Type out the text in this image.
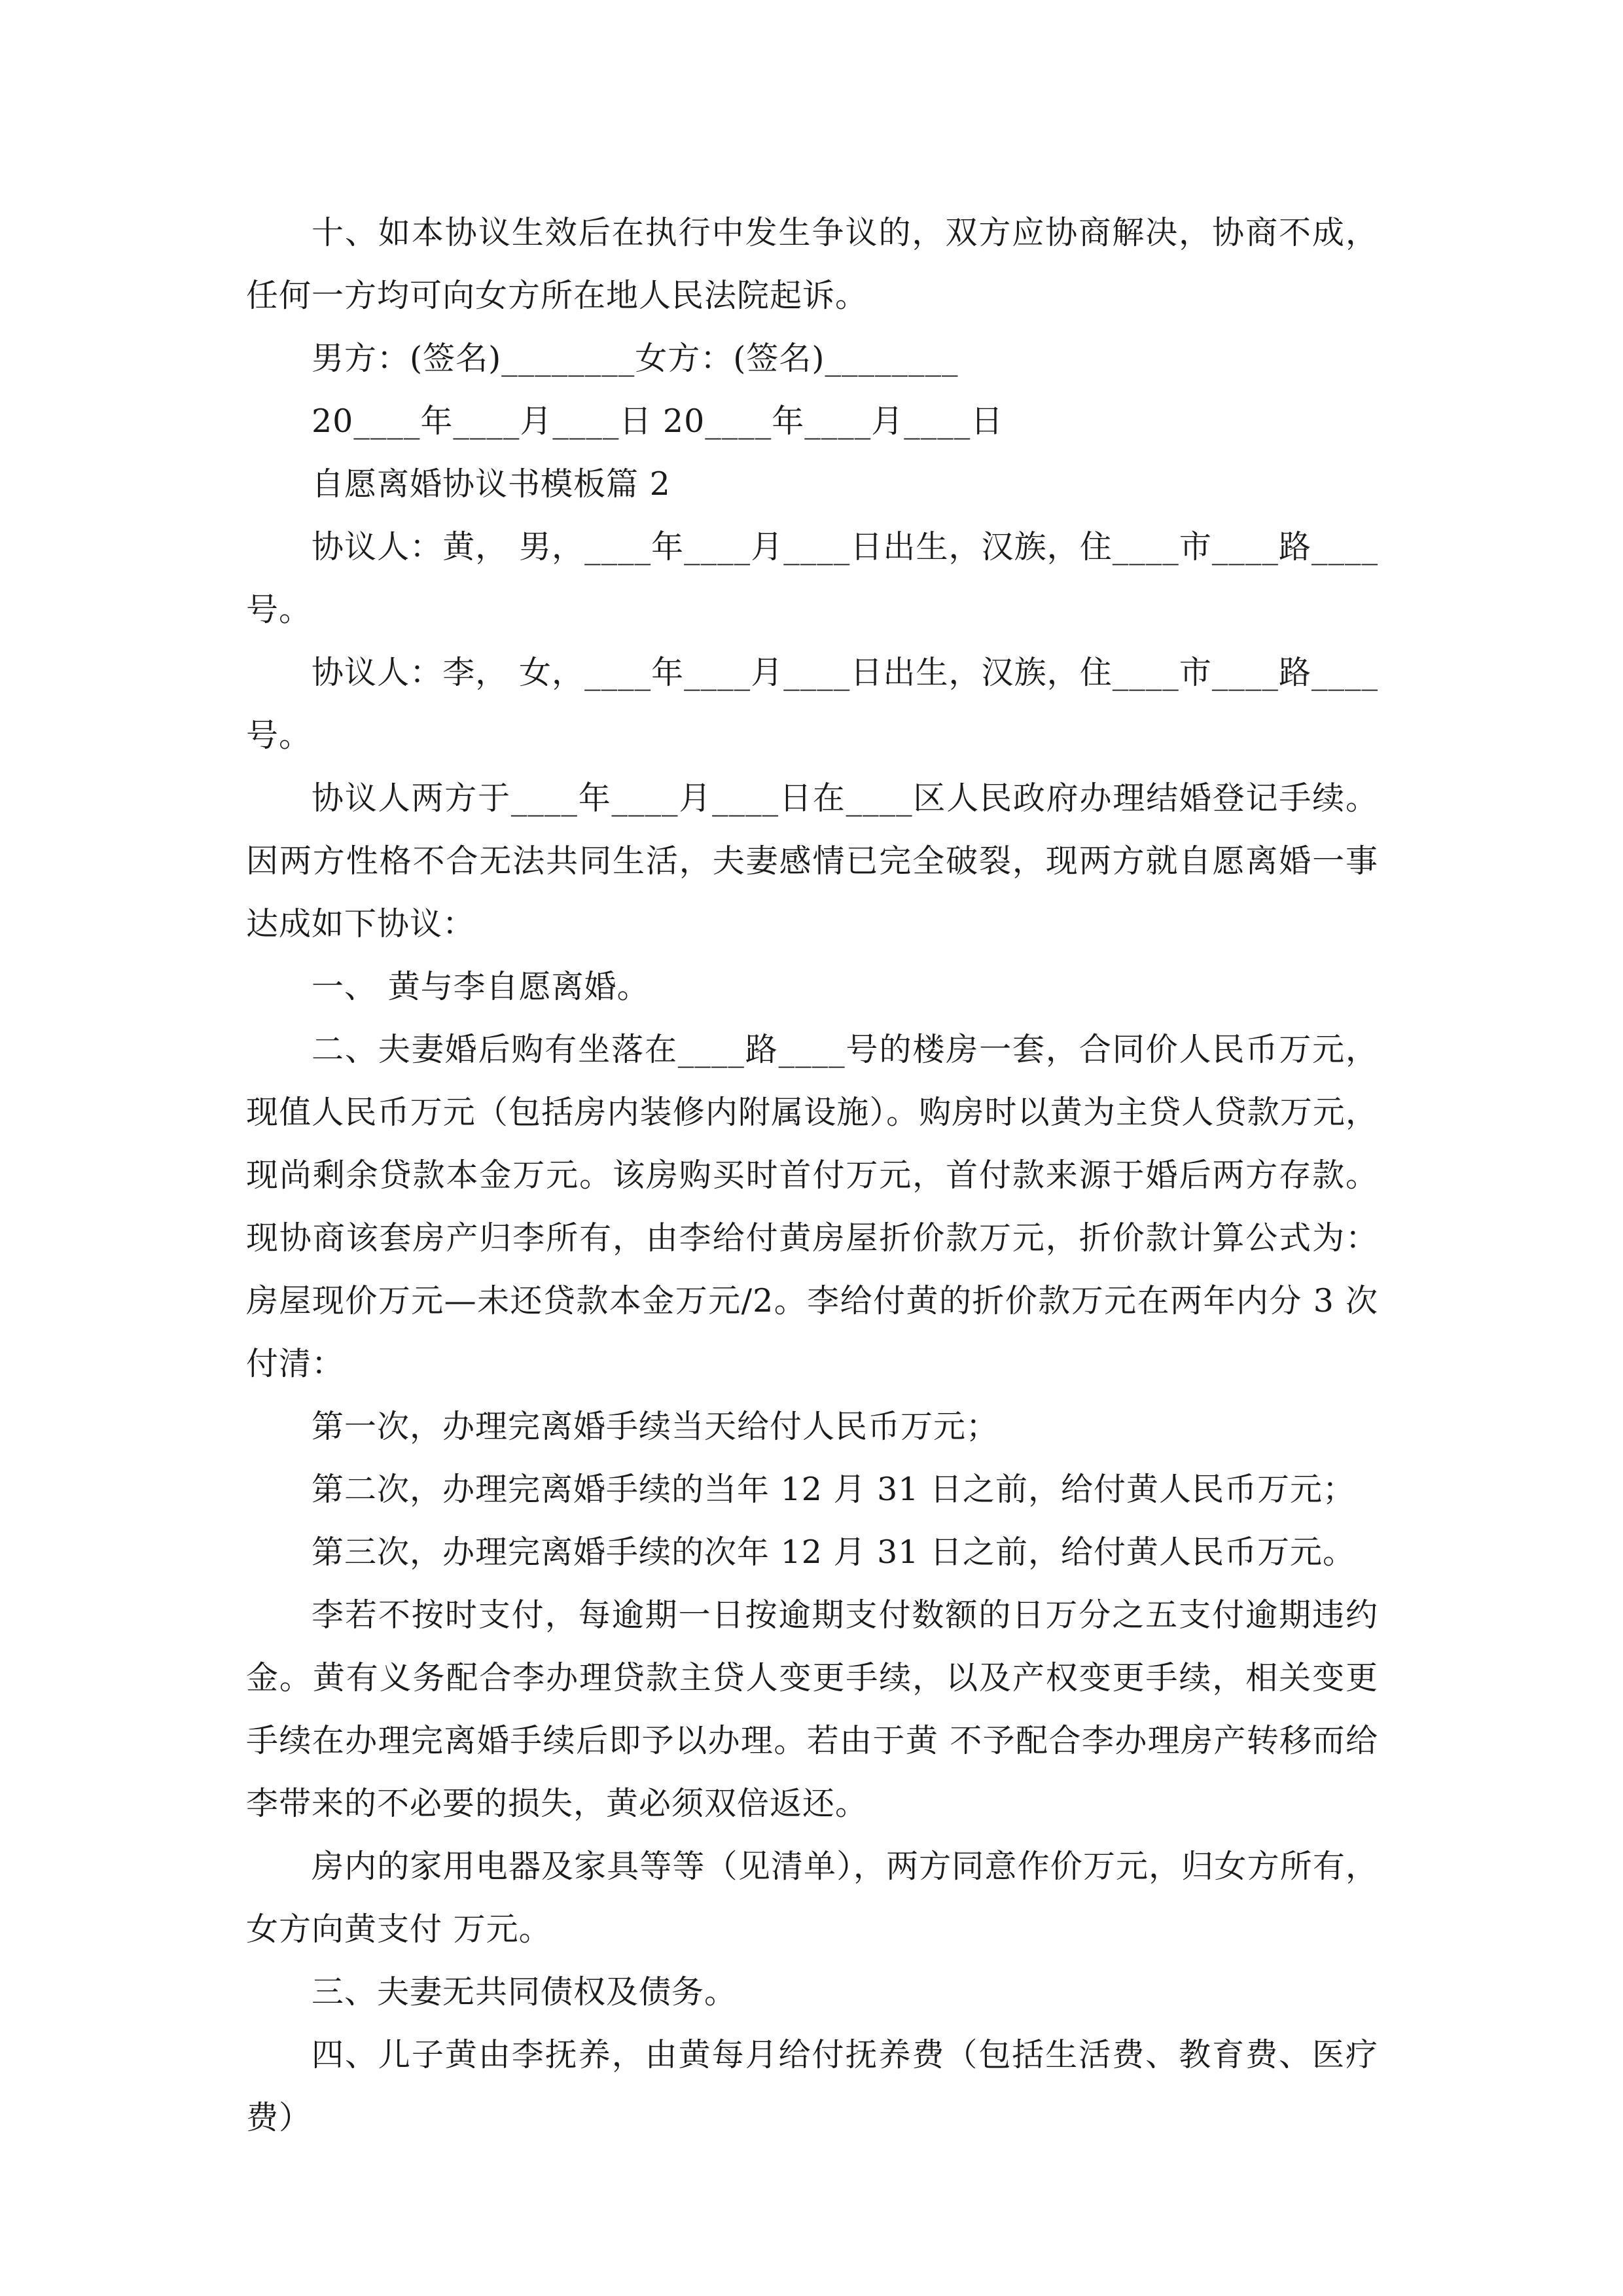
十、如本协议生效后在执行中发生争议的，双方应协商解决，协商不成，任何一方均可向女方所在地人民法院起诉。

男方：(签名)________女方：(签名)________

20____年____月____日 20____年____月____日

自愿离婚协议书模板篇 2

协议人：黄， 男，____年____月____日出生，汉族，住____市____路____号。

协议人：李， 女，____年____月____日出生，汉族，住____市____路____号。

协议人两方于____年____月____日在____区人民政府办理结婚登记手续。因两方性格不合无法共同生活，夫妻感情已完全破裂，现两方就自愿离婚一事达成如下协议：

一、 黄与李自愿离婚。

二、夫妻婚后购有坐落在____路____号的楼房一套，合同价人民币万元，现值人民币万元（包括房内装修内附属设施）。购房时以黄为主贷人贷款万元，现尚剩余贷款本金万元。该房购买时首付万元，首付款来源于婚后两方存款。现协商该套房产归李所有，由李给付黄房屋折价款万元，折价款计算公式为：房屋现价万元—未还贷款本金万元/2。李给付黄的折价款万元在两年内分 3 次付清：

第一次，办理完离婚手续当天给付人民币万元；

第二次，办理完离婚手续的当年 12 月 31 日之前，给付黄人民币万元；

第三次，办理完离婚手续的次年 12 月 31 日之前，给付黄人民币万元。

李若不按时支付，每逾期一日按逾期支付数额的日万分之五支付逾期违约金。黄有义务配合李办理贷款主贷人变更手续，以及产权变更手续，相关变更手续在办理完离婚手续后即予以办理。若由于黄 不予配合李办理房产转移而给李带来的不必要的损失，黄必须双倍返还。

房内的家用电器及家具等等（见清单），两方同意作价万元，归女方所有，女方向黄支付 万元。

三、夫妻无共同债权及债务。

四、儿子黄由李抚养，由黄每月给付抚养费（包括生活费、教育费、医疗费）
